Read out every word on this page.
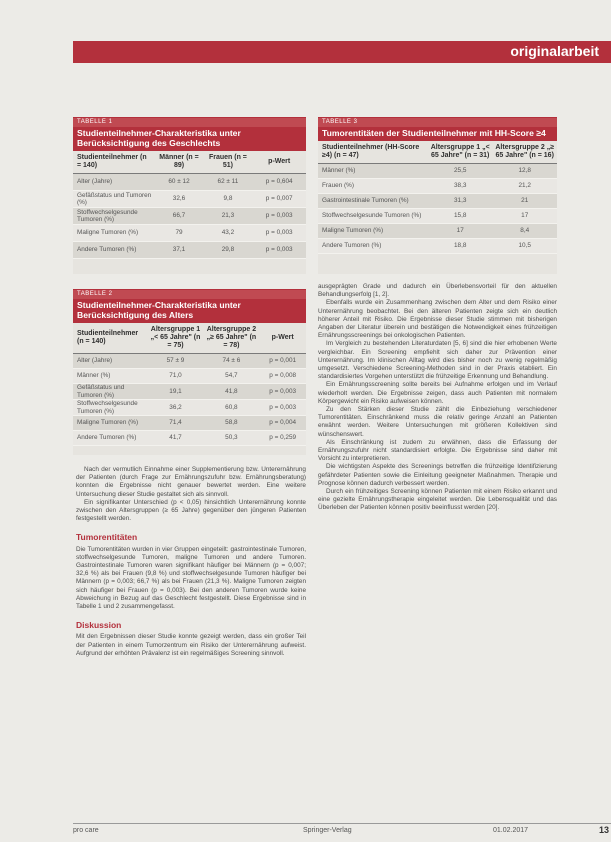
originalarbeit
TABELLE 1
Studienteilnehmer-Charakteristika unter Berücksichtigung des Geschlechts
Studienteilnehmer (n = 140)	Männer (n = 89)	Frauen (n = 51)	p-Wert
Alter (Jahre)	60 ± 12	62 ± 11	p = 0,604
Gefäßstatus und Tumoren (%)	32,6	9,8	p = 0,007
Stoffwechselgesunde Tumoren (%)	66,7	21,3	p = 0,003
Maligne Tumoren (%)	79	43,2	p = 0,003
Andere Tumoren (%)	37,1	29,8	p = 0,003
TABELLE 2
Studienteilnehmer-Charakteristika unter Berücksichtigung des Alters
Studienteilnehmer (n = 140)	Altersgruppe 1 „< 65 Jahre" (n = 75)	Altersgruppe 2 „≥ 65 Jahre" (n = 78)	p-Wert
Alter (Jahre)	57 ± 9	74 ± 6	p = 0,001
Männer (%)	71,0	54,7	p = 0,008
Gefäßstatus und Tumoren (%)	19,1	41,8	p = 0,003
Stoffwechselgesunde Tumoren (%)	36,2	60,8	p = 0,003
Maligne Tumoren (%)	71,4	58,8	p = 0,004
Andere Tumoren (%)	41,7	50,3	p = 0,259
TABELLE 3
Tumorentitäten der Studienteilnehmer mit HH-Score ≥4
Studienteilnehmer (HH-Score ≥4) (n = 47)	Altersgruppe 1 „< 65 Jahre" (n = 31)	Altersgruppe 2 „≥ 65 Jahre" (n = 16)
Männer (%)	25,5	12,8
Frauen (%)	38,3	21,2
Gastrointestinale Tumoren (%)	31,3	21
Stoffwechselgesunde Tumoren (%)	15,8	17
Maligne Tumoren (%)	17	8,4
Andere Tumoren (%)	18,8	10,5

Nach der vermutlich Einnahme einer Supplementierung bzw. Unterernährung der Patienten (durch Frage zur Ernährungszufuhr bzw. Ernährungsberatung) konnten die Ergebnisse nicht genauer bewertet werden. Eine weitere Untersuchung dieser Studie gestaltet sich als sinnvoll.

Ein signifikanter Unterschied (p < 0,05) hinsichtlich Unterernährung konnte zwischen den Altersgruppen (≥ 65 Jahre) gegenüber den jüngeren Patienten festgestellt werden.

Tumorentitäten

Die Tumorentitäten wurden in vier Gruppen eingeteilt: gastrointestinale Tumoren, stoffwechselgesunde Tumoren, maligne Tumoren und andere Tumoren. Gastrointestinale Tumoren waren signifikant häufiger bei Männern (p = 0,007; 32,6 %) als bei Frauen (9,8 %) und stoffwechselgesunde Tumoren häufiger bei Männern (p = 0,003; 66,7 %) als bei Frauen (21,3 %). Maligne Tumoren zeigten sich häufiger bei Frauen (p = 0,003). Bei den anderen Tumoren wurde keine Abweichung in Bezug auf das Geschlecht festgestellt. Diese Ergebnisse sind in Tabelle 1 und 2 zusammengefasst.

Diskussion

Mit den Ergebnissen dieser Studie konnte gezeigt werden, dass ein großer Teil der Patienten in einem Tumorzentrum ein Risiko der Unterernährung aufweist. Aufgrund der erhöhten Prävalenz ist ein regelmäßiges Screening sinnvoll.

ausgeprägten Grade und dadurch ein Überlebensvorteil für den aktuellen Behandlungserfolg [1, 2].

Ebenfalls wurde ein Zusammenhang zwischen dem Alter und dem Risiko einer Unterernährung beobachtet. Bei den älteren Patienten zeigte sich ein deutlich höherer Anteil mit Risiko. Die Ergebnisse dieser Studie stimmen mit bisherigen Angaben der Literatur überein und bestätigen die Notwendigkeit eines frühzeitigen Ernährungsscreenings bei onkologischen Patienten.

Im Vergleich zu bestehenden Literaturdaten [5, 6] sind die hier erhobenen Werte vergleichbar. Ein Screening empfiehlt sich daher zur Prävention einer Unterernährung. Im klinischen Alltag wird dies bisher noch zu wenig regelmäßig umgesetzt. Verschiedene Screening-Methoden sind in der Praxis etabliert. Ein standardisiertes Vorgehen unterstützt die frühzeitige Erkennung und Behandlung.

Ein Ernährungsscreening sollte bereits bei Aufnahme erfolgen und im Verlauf wiederholt werden. Die Ergebnisse zeigen, dass auch Patienten mit normalem Körpergewicht ein Risiko aufweisen können.

Zu den Stärken dieser Studie zählt die Einbeziehung verschiedener Tumorentitäten. Einschränkend muss die relativ geringe Anzahl an Patienten erwähnt werden. Weitere Untersuchungen mit größeren Kollektiven sind wünschenswert.

Als Einschränkung ist zudem zu erwähnen, dass die Erfassung der Ernährungszufuhr nicht standardisiert erfolgte. Die Ergebnisse sind daher mit Vorsicht zu interpretieren.

Die wichtigsten Aspekte des Screenings betreffen die frühzeitige Identifizierung gefährdeter Patienten sowie die Einleitung geeigneter Maßnahmen. Therapie und Prognose können dadurch verbessert werden.

Durch ein frühzeitiges Screening können Patienten mit einem Risiko erkannt und eine gezielte Ernährungstherapie eingeleitet werden. Die Lebensqualität und das Überleben der Patienten können positiv beeinflusst werden [20].

pro care	Springer-Verlag	01.02.2017	13
